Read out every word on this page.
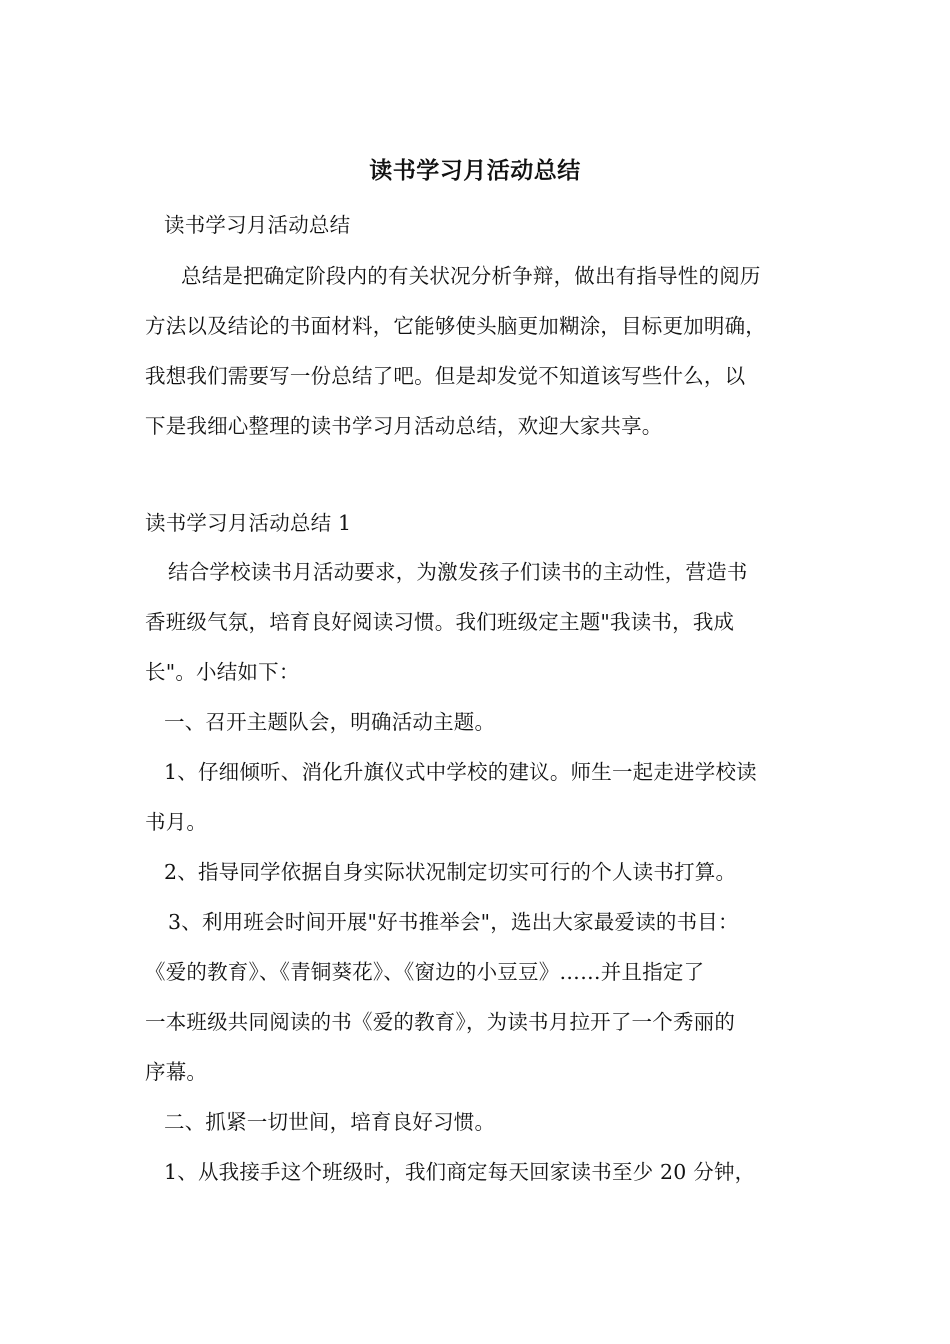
读书学习月活动总结
读书学习月活动总结
总结是把确定阶段内的有关状况分析争辩，做出有指导性的阅历
方法以及结论的书面材料，它能够使头脑更加糊涂，目标更加明确，
我想我们需要写一份总结了吧。但是却发觉不知道该写些什么，以
下是我细心整理的读书学习月活动总结，欢迎大家共享。
读书学习月活动总结 1
结合学校读书月活动要求，为激发孩子们读书的主动性，营造书
香班级气氛，培育良好阅读习惯。我们班级定主题"我读书，我成
长"。小结如下：
一、召开主题队会，明确活动主题。
1、仔细倾听、消化升旗仪式中学校的建议。师生一起走进学校读
书月。
2、指导同学依据自身实际状况制定切实可行的个人读书打算。
3、利用班会时间开展"好书推举会"，选出大家最爱读的书目：
《爱的教育》、《青铜葵花》、《窗边的小豆豆》……并且指定了
一本班级共同阅读的书《爱的教育》，为读书月拉开了一个秀丽的
序幕。
二、抓紧一切世间，培育良好习惯。
1、从我接手这个班级时，我们商定每天回家读书至少 20 分钟，
